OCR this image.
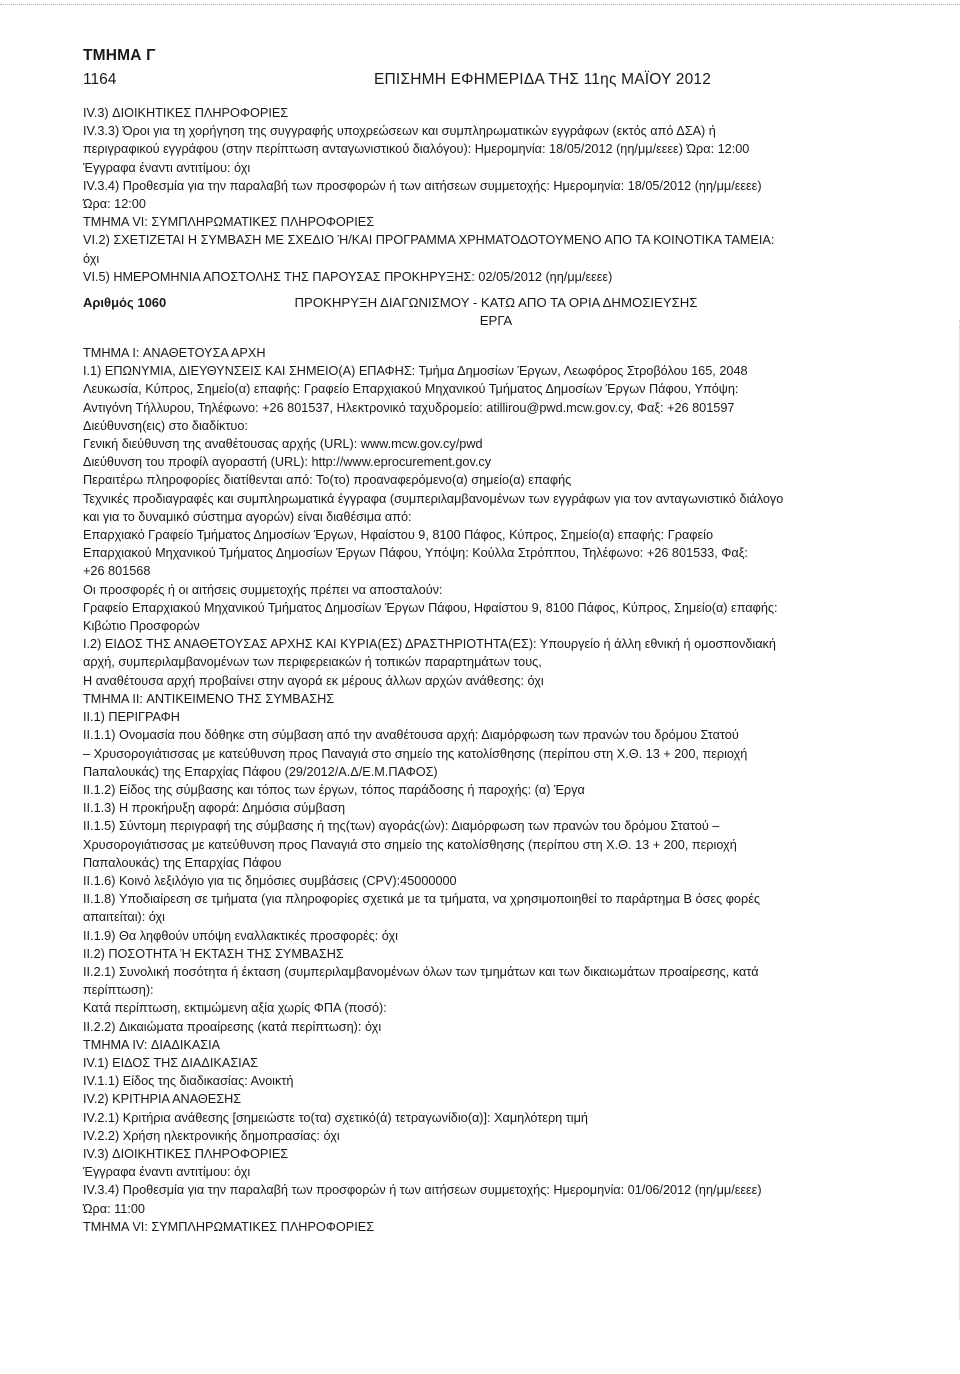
ΤΜΗΜΑ Γ
1164	ΕΠΙΣΗΜΗ ΕΦΗΜΕΡΙΔΑ ΤΗΣ 11ης ΜΑΪΟΥ 2012

IV.3) ΔΙΟΙΚΗΤΙΚΕΣ ΠΛΗΡΟΦΟΡΙΕΣ

IV.3.3) Όροι για τη χορήγηση της συγγραφής υποχρεώσεων και συμπληρωματικών εγγράφων (εκτός από ΔΣΑ) ή

περιγραφικού εγγράφου (στην περίπτωση ανταγωνιστικού διαλόγου): Ημερομηνία: 18/05/2012 (ηη/μμ/εεεε) Ώρα: 12:00

Έγγραφα έναντι αντιτίμου: όχι

IV.3.4) Προθεσμία για την παραλαβή των προσφορών ή των αιτήσεων συμμετοχής: Ημερομηνία: 18/05/2012 (ηη/μμ/εεεε)

Ώρα: 12:00

ΤΜΗΜΑ VI: ΣΥΜΠΛΗΡΩΜΑΤΙΚΕΣ ΠΛΗΡΟΦΟΡΙΕΣ

VI.2) ΣΧΕΤΙΖΕΤΑΙ Η ΣΥΜΒΑΣΗ ΜΕ ΣΧΕΔΙΟ Ή/ΚΑΙ ΠΡΟΓΡΑΜΜΑ ΧΡΗΜΑΤΟΔΟΤΟΥΜΕΝΟ ΑΠΟ ΤΑ ΚΟΙΝΟΤΙΚΑ ΤΑΜΕΙΑ:

όχι

VI.5) ΗΜΕΡΟΜΗΝΙΑ ΑΠΟΣΤΟΛΗΣ ΤΗΣ ΠΑΡΟΥΣΑΣ ΠΡΟΚΗΡΥΞΗΣ: 02/05/2012 (ηη/μμ/εεεε)

Αριθμός 1060	ΠΡΟΚΗΡΥΞΗ ΔΙΑΓΩΝΙΣΜΟΥ - ΚΑΤΩ ΑΠΟ ΤΑ ΟΡΙΑ ΔΗΜΟΣΙΕΥΣΗΣ
ΕΡΓΑ

ΤΜΗΜΑ I: ΑΝΑΘΕΤΟΥΣΑ ΑΡΧΗ

I.1) ΕΠΩΝΥΜΙΑ, ΔΙΕΥΘΥΝΣΕΙΣ ΚΑΙ ΣΗΜΕΙΟ(Α) ΕΠΑΦΗΣ: Τμήμα Δημοσίων Έργων, Λεωφόρος Στροβόλου 165, 2048

Λευκωσία, Κύπρος, Σημείο(α) επαφής: Γραφείο Επαρχιακού Μηχανικού Τμήματος Δημοσίων Έργων Πάφου, Υπόψη:

Αντιγόνη Τήλλυρου, Τηλέφωνο: +26 801537, Ηλεκτρονικό ταχυδρομείο: atillirou@pwd.mcw.gov.cy, Φαξ: +26 801597

Διεύθυνση(εις) στο διαδίκτυο:

Γενική διεύθυνση της αναθέτουσας αρχής (URL): www.mcw.gov.cy/pwd

Διεύθυνση του προφίλ αγοραστή (URL): http://www.eprocurement.gov.cy

Περαιτέρω πληροφορίες διατίθενται από: Το(το) προαναφερόμενο(α) σημείο(α) επαφής

Τεχνικές προδιαγραφές και συμπληρωματικά έγγραφα (συμπεριλαμβανομένων των εγγράφων για τον ανταγωνιστικό διάλογο

και για το δυναμικό σύστημα αγορών) είναι διαθέσιμα από:

Επαρχιακό Γραφείο Τμήματος Δημοσίων Έργων, Ηφαίστου 9, 8100 Πάφος, Κύπρος, Σημείο(α) επαφής: Γραφείο

Επαρχιακού Μηχανικού Τμήματος Δημοσίων Έργων Πάφου, Υπόψη: Κούλλα Στρόππου, Τηλέφωνο: +26 801533, Φαξ:

+26 801568

Οι προσφορές ή οι αιτήσεις συμμετοχής πρέπει να αποσταλούν:

Γραφείο Επαρχιακού Μηχανικού Τμήματος Δημοσίων Έργων Πάφου, Ηφαίστου 9, 8100 Πάφος, Κύπρος, Σημείο(α) επαφής:

Κιβώτιο Προσφορών

I.2) ΕΙΔΟΣ ΤΗΣ ΑΝΑΘΕΤΟΥΣΑΣ ΑΡΧΗΣ ΚΑΙ ΚΥΡΙΑ(ΕΣ) ΔΡΑΣΤΗΡΙΟΤΗΤΑ(ΕΣ): Υπουργείο ή άλλη εθνική ή ομοσπονδιακή

αρχή, συμπεριλαμβανομένων των περιφερειακών ή τοπικών παραρτημάτων τους,

Η αναθέτουσα αρχή προβαίνει στην αγορά εκ μέρους άλλων αρχών ανάθεσης: όχι

ΤΜΗΜΑ II: ΑΝΤΙΚΕΙΜΕΝΟ ΤΗΣ ΣΥΜΒΑΣΗΣ

II.1) ΠΕΡΙΓΡΑΦΗ

II.1.1) Ονομασία που δόθηκε στη σύμβαση από την αναθέτουσα αρχή: Διαμόρφωση των πρανών του δρόμου Στατού

– Χρυσορογιάτισσας με κατεύθυνση προς Παναγιά στο σημείο της κατολίσθησης (περίπου στη Χ.Θ. 13 + 200, περιοχή

Πaπαλουκάς) της Επαρχίας Πάφου (29/2012/Α.Δ/Ε.Μ.ΠΑΦΟΣ)

II.1.2) Είδος της σύμβασης και τόπος των έργων, τόπος παράδοσης ή παροχής: (α) Έργα

II.1.3) Η προκήρυξη αφορά: Δημόσια σύμβαση

II.1.5) Σύντομη περιγραφή της σύμβασης ή της(των) αγοράς(ών): Διαμόρφωση των πρανών του δρόμου Στατού –

Χρυσορογιάτισσας με κατεύθυνση προς Παναγιά στο σημείο της κατολίσθησης (περίπου στη Χ.Θ. 13 + 200, περιοχή

Παπαλουκάς) της Επαρχίας Πάφου

II.1.6) Κοινό λεξιλόγιο για τις δημόσιες συμβάσεις (CPV):45000000

II.1.8) Υποδιαίρεση σε τμήματα (για πληροφορίες σχετικά με τα τμήματα, να χρησιμοποιηθεί το παράρτημα Β όσες φορές

απαιτείται): όχι

II.1.9) Θα ληφθούν υπόψη εναλλακτικές προσφορές: όχι

II.2) ΠΟΣΟΤΗΤΑ Ή ΕΚΤΑΣΗ ΤΗΣ ΣΥΜΒΑΣΗΣ

II.2.1) Συνολική ποσότητα ή έκταση (συμπεριλαμβανομένων όλων των τμημάτων και των δικαιωμάτων προαίρεσης, κατά

περίπτωση):

Κατά περίπτωση, εκτιμώμενη αξία χωρίς ΦΠΑ (ποσό):

II.2.2) Δικαιώματα προαίρεσης (κατά περίπτωση): όχι

ΤΜΗΜΑ IV: ΔΙΑΔΙΚΑΣΙΑ

IV.1) ΕΙΔΟΣ ΤΗΣ ΔΙΑΔΙΚΑΣΙΑΣ

IV.1.1) Είδος της διαδικασίας: Ανοικτή

IV.2) ΚΡΙΤΗΡΙΑ ΑΝΑΘΕΣΗΣ

IV.2.1) Κριτήρια ανάθεσης [σημειώστε το(τα) σχετικό(ά) τετραγωνίδιο(α)]: Χαμηλότερη τιμή

IV.2.2) Χρήση ηλεκτρονικής δημοπρασίας: όχι

IV.3) ΔΙΟΙΚΗΤΙΚΕΣ ΠΛΗΡΟΦΟΡΙΕΣ

Έγγραφα έναντι αντιτίμου: όχι

IV.3.4) Προθεσμία για την παραλαβή των προσφορών ή των αιτήσεων συμμετοχής: Ημερομηνία: 01/06/2012 (ηη/μμ/εεεε)

Ώρα: 11:00

ΤΜΗΜΑ VI: ΣΥΜΠΛΗΡΩΜΑΤΙΚΕΣ ΠΛΗΡΟΦΟΡΙΕΣ
